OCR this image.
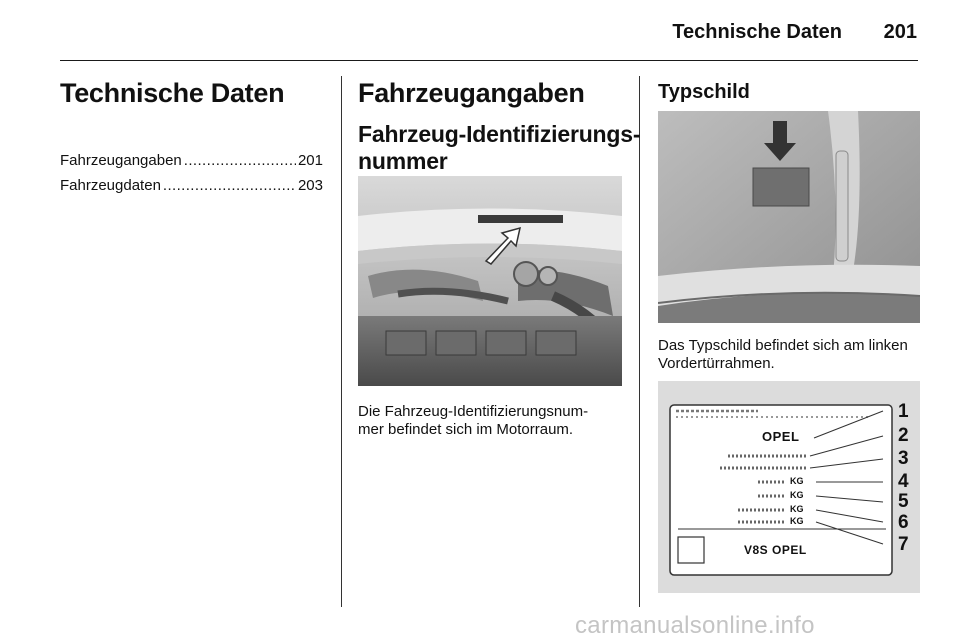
Technische Daten 201
Technische Daten
Fahrzeugangaben .....	201
Fahrzeugdaten .....	203
Fahrzeugangaben
Fahrzeug-Identifizierungs-
nummer
Die Fahrzeug-Identifizierungsnum-
mer befindet sich im Motorraum.
Typschild
Das Typschild befindet sich am linken
Vordertürrahmen.
OPEL
KG
KG
KG
KG
V8S OPEL
1
2
3
4
5
6
7
carmanualsonline.info
